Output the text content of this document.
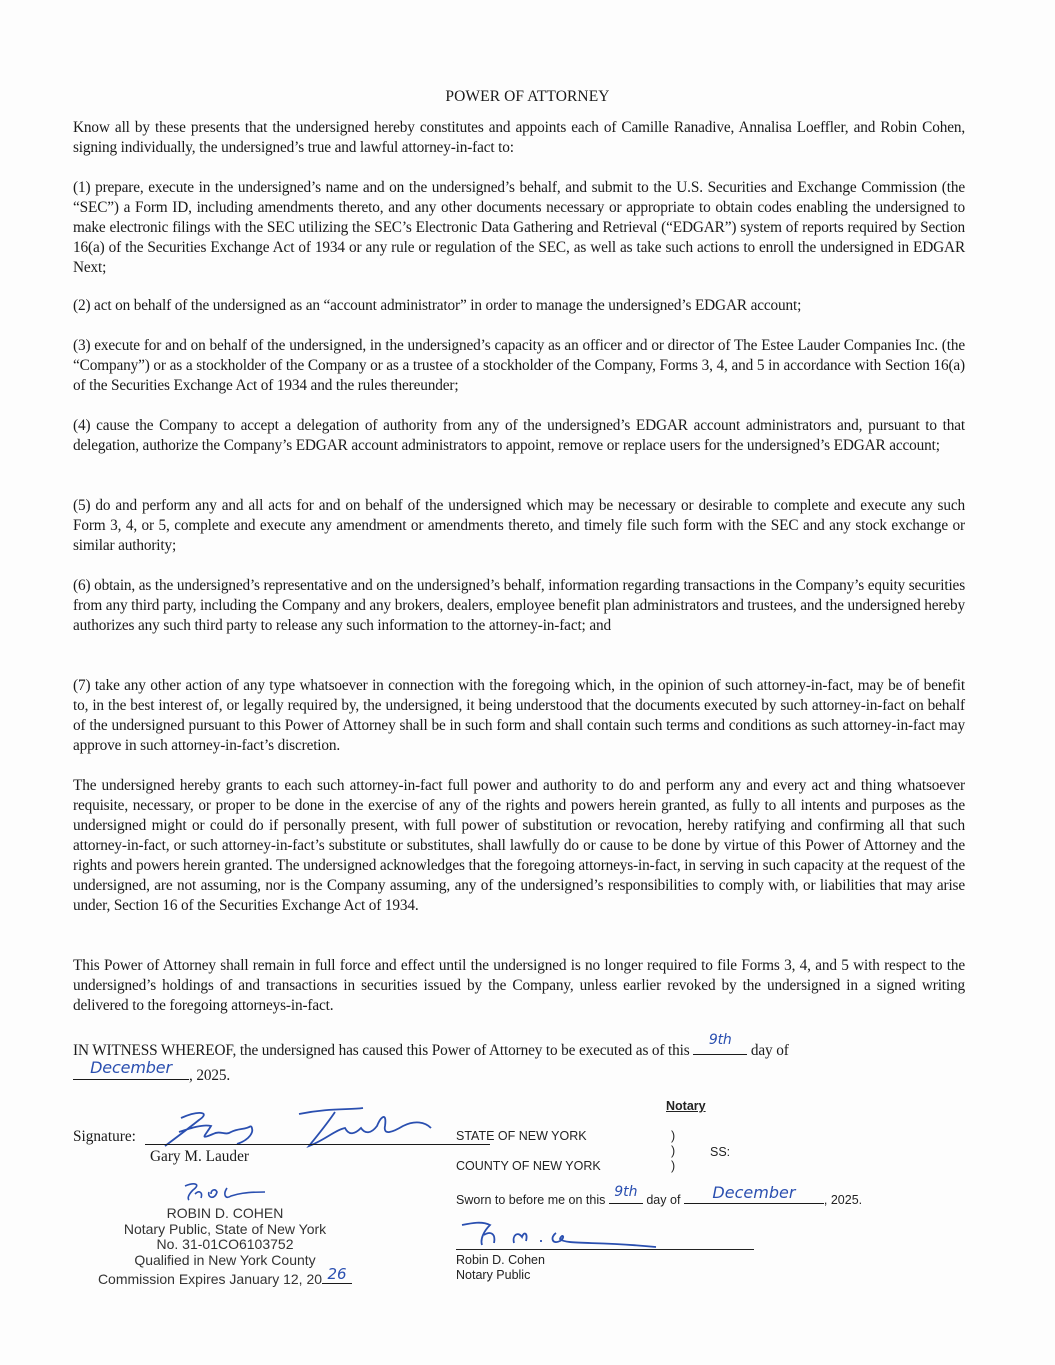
POWER OF ATTORNEY

Know all by these presents that the undersigned hereby constitutes and appoints each of Camille Ranadive, Annalisa Loeffler, and Robin Cohen, signing individually, the undersigned’s true and lawful attorney-in-fact to:

(1) prepare, execute in the undersigned’s name and on the undersigned’s behalf, and submit to the U.S. Securities and Exchange Commission (the “SEC”) a Form ID, including amendments thereto, and any other documents necessary or appropriate to obtain codes enabling the undersigned to make electronic filings with the SEC utilizing the SEC’s Electronic Data Gathering and Retrieval (“EDGAR”) system of reports required by Section 16(a) of the Securities Exchange Act of 1934 or any rule or regulation of the SEC, as well as take such actions to enroll the undersigned in EDGAR Next;

(2) act on behalf of the undersigned as an “account administrator” in order to manage the undersigned’s EDGAR account;

(3) execute for and on behalf of the undersigned, in the undersigned’s capacity as an officer and or director of The Estee Lauder Companies Inc. (the “Company”) or as a stockholder of the Company or as a trustee of a stockholder of the Company, Forms 3, 4, and 5 in accordance with Section 16(a) of the Securities Exchange Act of 1934 and the rules thereunder;

(4) cause the Company to accept a delegation of authority from any of the undersigned’s EDGAR account administrators and, pursuant to that delegation, authorize the Company’s EDGAR account administrators to appoint, remove or replace users for the undersigned’s EDGAR account;

(5) do and perform any and all acts for and on behalf of the undersigned which may be necessary or desirable to complete and execute any such Form 3, 4, or 5, complete and execute any amendment or amendments thereto, and timely file such form with the SEC and any stock exchange or similar authority;

(6) obtain, as the undersigned’s representative and on the undersigned’s behalf, information regarding transactions in the Company’s equity securities from any third party, including the Company and any brokers, dealers, employee benefit plan administrators and trustees, and the undersigned hereby authorizes any such third party to release any such information to the attorney-in-fact; and

(7) take any other action of any type whatsoever in connection with the foregoing which, in the opinion of such attorney-in-fact, may be of benefit to, in the best interest of, or legally required by, the undersigned, it being understood that the documents executed by such attorney-in-fact on behalf of the undersigned pursuant to this Power of Attorney shall be in such form and shall contain such terms and conditions as such attorney-in-fact may approve in such attorney-in-fact’s discretion.

The undersigned hereby grants to each such attorney-in-fact full power and authority to do and perform any and every act and thing whatsoever requisite, necessary, or proper to be done in the exercise of any of the rights and powers herein granted, as fully to all intents and purposes as the undersigned might or could do if personally present, with full power of substitution or revocation, hereby ratifying and confirming all that such attorney-in-fact, or such attorney-in-fact’s substitute or substitutes, shall lawfully do or cause to be done by virtue of this Power of Attorney and the rights and powers herein granted. The undersigned acknowledges that the foregoing attorneys-in-fact, in serving in such capacity at the request of the undersigned, are not assuming, nor is the Company assuming, any of the undersigned’s responsibilities to comply with, or liabilities that may arise under, Section 16 of the Securities Exchange Act of 1934.

This Power of Attorney shall remain in full force and effect until the undersigned is no longer required to file Forms 3, 4, and 5 with respect to the undersigned’s holdings of and transactions in securities issued by the Company, unless earlier revoked by the undersigned in a signed writing delivered to the foregoing attorneys-in-fact.

IN WITNESS WHEREOF, the undersigned has caused this Power of Attorney to be executed as of this
9th
day of

December	, 2025.
Signature:
Gary M. Lauder
ROBIN D. COHEN
Notary Public, State of New York
No. 31-01CO6103752
Qualified in New York County
Commission Expires January 12, 20 26
Notary
STATE OF NEW YORK
COUNTY OF NEW YORK
)
)
)
SS:
Sworn to before me on this 9th day of	December	, 2025.
Robin D. Cohen
Notary Public
